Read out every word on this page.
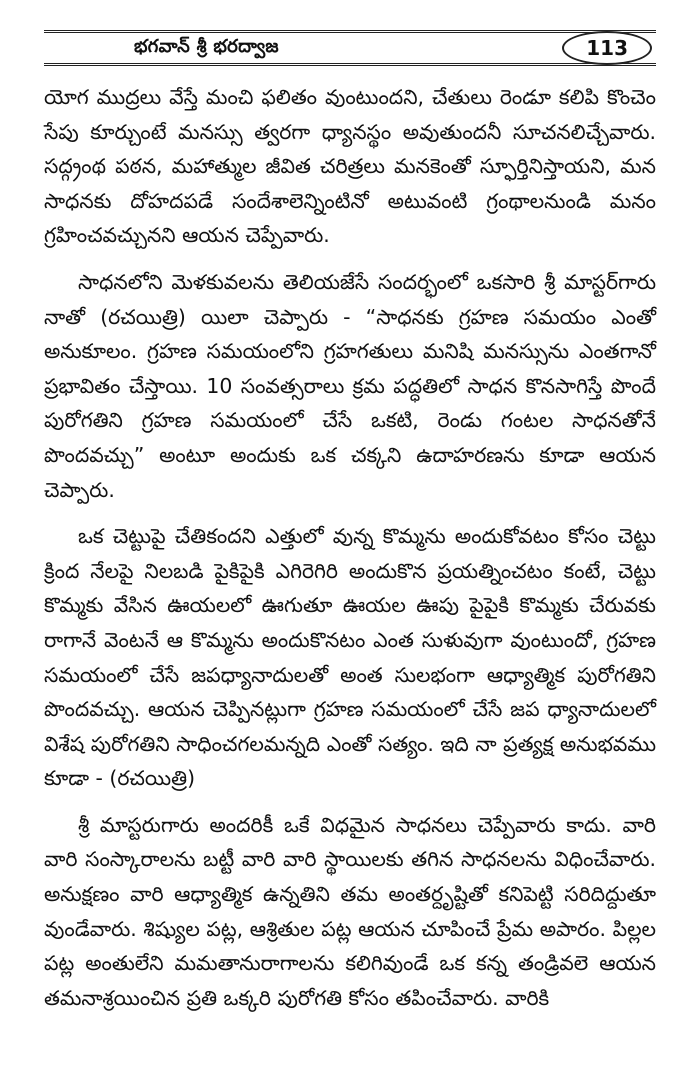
భగవాన్ శ్రీ భరద్వాజ	113

యోగ ముద్రలు వేస్తే మంచి ఫలితం వుంటుందని, చేతులు రెండూ కలిపి కొంచెం సేపు కూర్చుంటే మనస్సు త్వరగా ధ్యానస్థం అవుతుందనీ సూచనలిచ్చేవారు. సద్గ్రంథ పఠన, మహాత్ముల జీవిత చరిత్రలు మనకెంతో స్ఫూర్తినిస్తాయని, మన సాధనకు దోహదపడే సందేశాలెన్నింటినో అటువంటి గ్రంథాలనుండి మనం గ్రహించవచ్చునని ఆయన చెప్పేవారు.

సాధనలోని మెళకువలను తెలియజేసే సందర్భంలో ఒకసారి శ్రీ మాస్టర్‌గారు నాతో (రచయిత్రి) యిలా చెప్పారు - “సాధనకు గ్రహణ సమయం ఎంతో అనుకూలం. గ్రహణ సమయంలోని గ్రహగతులు మనిషి మనస్సును ఎంతగానో ప్రభావితం చేస్తాయి. 10 సంవత్సరాలు క్రమ పద్ధతిలో సాధన కొనసాగిస్తే పొందే పురోగతిని గ్రహణ సమయంలో చేసే ఒకటి, రెండు గంటల సాధనతోనే పొందవచ్చు” అంటూ అందుకు ఒక చక్కని ఉదాహరణను కూడా ఆయన చెప్పారు.

ఒక చెట్టుపై చేతికందని ఎత్తులో వున్న కొమ్మను అందుకోవటం కోసం చెట్టు క్రింద నేలపై నిలబడి పైకిపైకి ఎగిరెగిరి అందుకొన ప్రయత్నించటం కంటే, చెట్టు కొమ్మకు వేసిన ఊయలలో ఊగుతూ ఊయల ఊపు పైపైకి కొమ్మకు చేరువకు రాగానే వెంటనే ఆ కొమ్మను అందుకొనటం ఎంత సుళువుగా వుంటుందో, గ్రహణ సమయంలో చేసే జపధ్యానాదులతో అంత సులభంగా ఆధ్యాత్మిక పురోగతిని పొందవచ్చు. ఆయన చెప్పినట్లుగా గ్రహణ సమయంలో చేసే జప ధ్యానాదులలో విశేష పురోగతిని సాధించగలమన్నది ఎంతో సత్యం. ఇది నా ప్రత్యక్ష అనుభవము కూడా - (రచయిత్రి)

శ్రీ మాస్టరుగారు అందరికీ ఒకే విధమైన సాధనలు చెప్పేవారు కాదు. వారి వారి సంస్కారాలను బట్టీ వారి వారి స్థాయిలకు తగిన సాధనలను విధించేవారు. అనుక్షణం వారి ఆధ్యాత్మిక ఉన్నతిని తమ అంతర్దృష్టితో కనిపెట్టి సరిదిద్దుతూ వుండేవారు. శిష్యుల పట్ల, ఆశ్రితుల పట్ల ఆయన చూపించే ప్రేమ అపారం. పిల్లల పట్ల అంతులేని మమతానురాగాలను కలిగివుండే ఒక కన్న తండ్రివలె ఆయన తమనాశ్రయించిన ప్రతి ఒక్కరి పురోగతి కోసం తపించేవారు. వారికి
